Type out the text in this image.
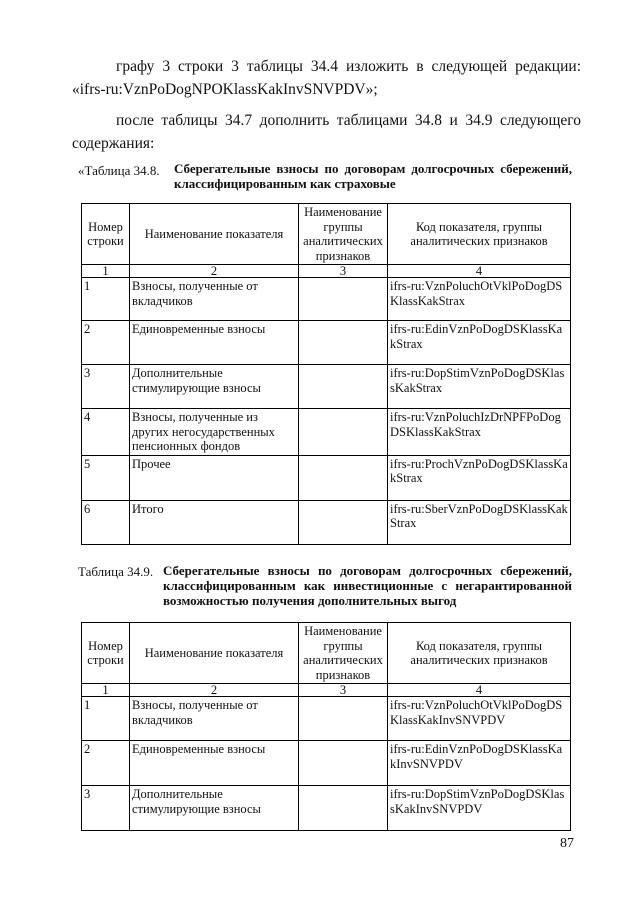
графу 3 строки 3 таблицы 34.4 изложить в следующей редакции:
«ifrs-ru:VznPoDogNPOKlassKakInvSNVPDV»;
после таблицы 34.7 дополнить таблицами 34.8 и 34.9 следующего
содержания:
«Таблица 34.8. Сберегательные взносы по договорам долгосрочных сбережений,
классифицированным как страховые
Номер строки	Наименование показателя	Наименование группы аналитических признаков	Код показателя, группы аналитических признаков
1	2	3	4
1	Взносы, полученные от вкладчиков		ifrs-ru:VznPoluchOtVklPoDogDSKlassKakStrax
2	Единовременные взносы		ifrs-ru:EdinVznPoDogDSKlassKakStrax
3	Дополнительные стимулирующие взносы		ifrs-ru:DopStimVznPoDogDSKlassKakStrax
4	Взносы, полученные из других негосударственных пенсионных фондов		ifrs-ru:VznPoluchIzDrNPFPoDogDSKlassKakStrax
5	Прочее		ifrs-ru:ProchVznPoDogDSKlassKakStrax
6	Итого		ifrs-ru:SberVznPoDogDSKlassKakStrax
Таблица 34.9. Сберегательные взносы по договорам долгосрочных сбережений,
классифицированным как инвестиционные с негарантированной
возможностью получения дополнительных выгод
Номер строки	Наименование показателя	Наименование группы аналитических признаков	Код показателя, группы аналитических признаков
1	2	3	4
1	Взносы, полученные от вкладчиков		ifrs-ru:VznPoluchOtVklPoDogDSKlassKakInvSNVPDV
2	Единовременные взносы		ifrs-ru:EdinVznPoDogDSKlassKakInvSNVPDV
3	Дополнительные стимулирующие взносы		ifrs-ru:DopStimVznPoDogDSKlassKakInvSNVPDV
87
